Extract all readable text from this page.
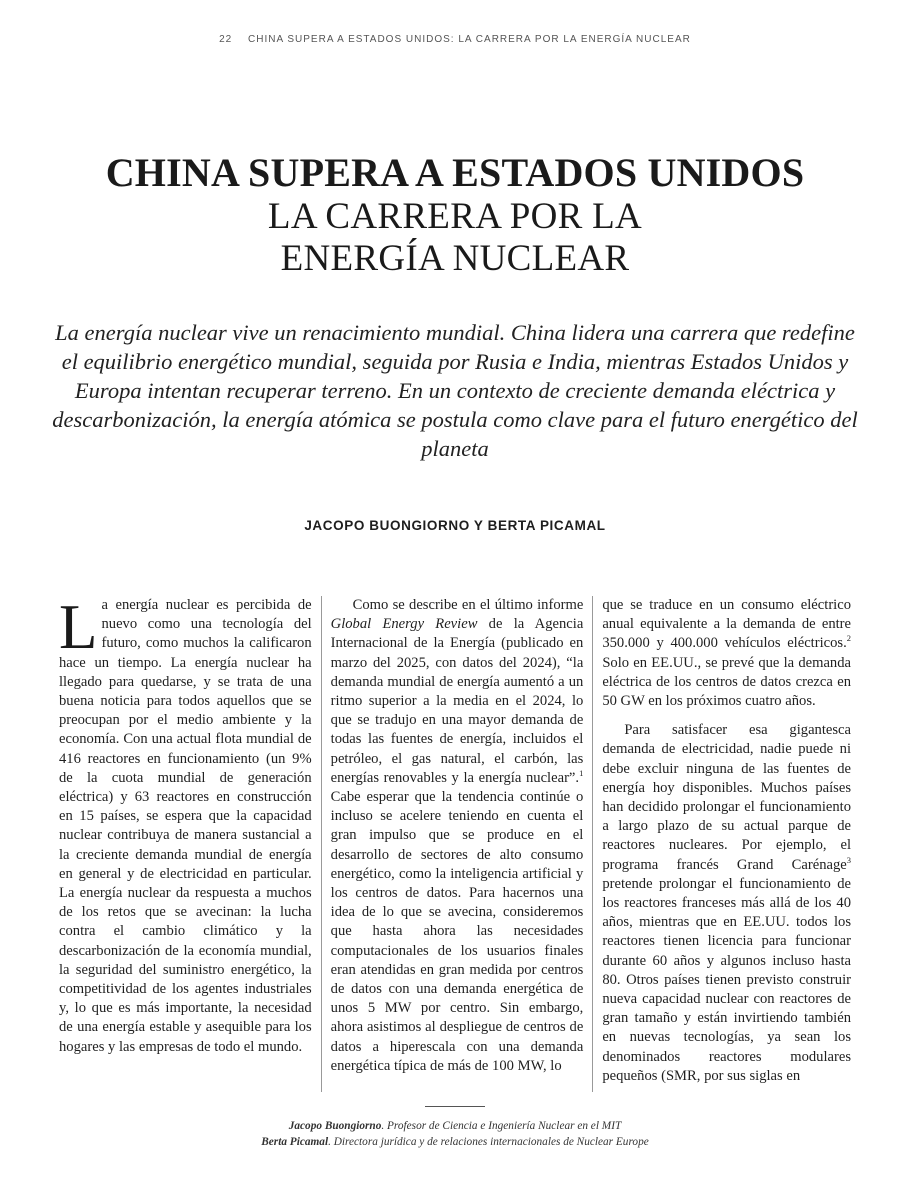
22 CHINA SUPERA A ESTADOS UNIDOS: LA CARRERA POR LA ENERGÍA NUCLEAR
CHINA SUPERA A ESTADOS UNIDOS
LA CARRERA POR LA
ENERGÍA NUCLEAR
La energía nuclear vive un renacimiento mundial. China lidera una carrera que redefine el equilibrio energético mundial, seguida por Rusia e India, mientras Estados Unidos y Europa intentan recuperar terreno. En un contexto de creciente demanda eléctrica y descarbonización, la energía atómica se postula como clave para el futuro energético del planeta
JACOPO BUONGIORNO Y BERTA PICAMAL

La energía nuclear es percibida de nuevo como una tecnología del futuro, como muchos la calificaron hace un tiempo. La energía nuclear ha llegado para quedarse, y se trata de una buena noticia para todos aquellos que se preocupan por el medio ambiente y la economía. Con una actual flota mundial de 416 reactores en funcionamiento (un 9% de la cuota mundial de generación eléctrica) y 63 reactores en construcción en 15 países, se espera que la capacidad nuclear contribuya de manera sustancial a la creciente demanda mundial de energía en general y de electricidad en particular. La energía nuclear da respuesta a muchos de los retos que se avecinan: la lucha contra el cambio climático y la descarbonización de la economía mundial, la seguridad del suministro energético, la competitividad de los agentes industriales y, lo que es más importante, la necesidad de una energía estable y asequible para los hogares y las empresas de todo el mundo.

Como se describe en el último informe Global Energy Review de la Agencia Internacional de la Energía (publicado en marzo del 2025, con datos del 2024), “la demanda mundial de energía aumentó a un ritmo superior a la media en el 2024, lo que se tradujo en una mayor demanda de todas las fuentes de energía, incluidos el petróleo, el gas natural, el carbón, las energías renovables y la energía nuclear”.$^1$ Cabe esperar que la tendencia continúe o incluso se acelere teniendo en cuenta el gran impulso que se produce en el desarrollo de sectores de alto consumo energético, como la inteligencia artificial y los centros de datos. Para hacernos una idea de lo que se avecina, consideremos que hasta ahora las necesidades computacionales de los usuarios finales eran atendidas en gran medida por centros de datos con una demanda energética de unos 5 MW por centro. Sin embargo, ahora asistimos al despliegue de centros de datos a hiperescala con una demanda energética típica de más de 100 MW, lo

que se traduce en un consumo eléctrico anual equivalente a la demanda de entre 350.000 y 400.000 vehículos eléctricos.$^2$ Solo en EE.UU., se prevé que la demanda eléctrica de los centros de datos crezca en 50 GW en los próximos cuatro años.

Para satisfacer esa gigantesca demanda de electricidad, nadie puede ni debe excluir ninguna de las fuentes de energía hoy disponibles. Muchos países han decidido prolongar el funcionamiento a largo plazo de su actual parque de reactores nucleares. Por ejemplo, el programa francés Grand Carénage$^3$ pretende prolongar el funcionamiento de los reactores franceses más allá de los 40 años, mientras que en EE.UU. todos los reactores tienen licencia para funcionar durante 60 años y algunos incluso hasta 80. Otros países tienen previsto construir nueva capacidad nuclear con reactores de gran tamaño y están invirtiendo también en nuevas tecnologías, ya sean los denominados reactores modulares pequeños (SMR, por sus siglas en

Jacopo Buongiorno. Profesor de Ciencia e Ingeniería Nuclear en el MIT
Berta Picamal. Directora jurídica y de relaciones internacionales de Nuclear Europe
